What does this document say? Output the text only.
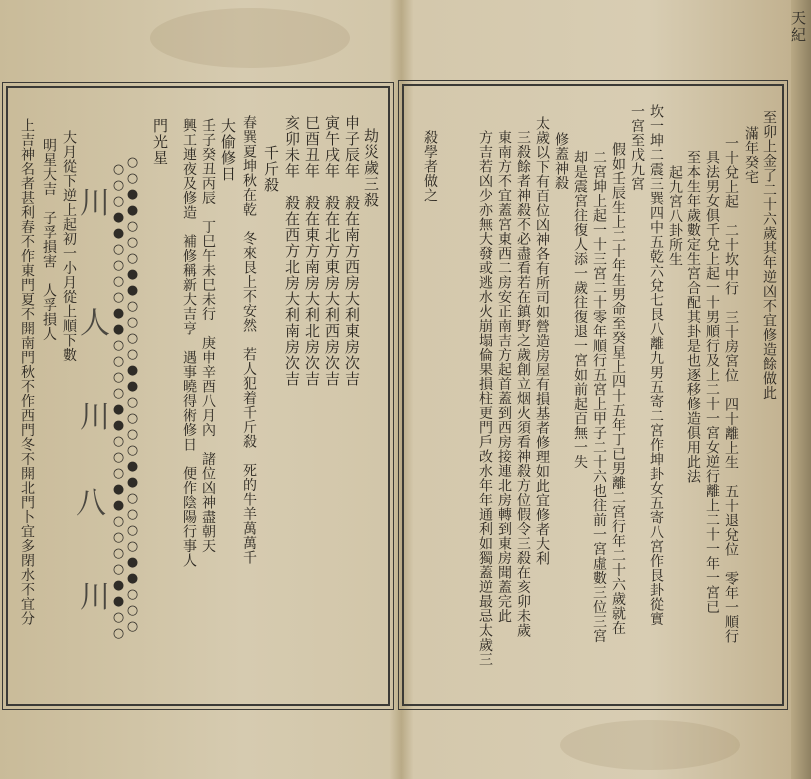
天紀
至卯上金了二十六歲其年逆凶不宜修造餘做此
滿年癸宅
一十兌上起　二十坎中行　三十房宮位　四十離上生　五十退兌位　零年一順行
具法男女俱千兌上起一十男順行及上二十一宮女逆行離上二十一年一宮已
至本生年歲數定生宮合配其卦是也逐移修造俱用此法
起九宮八卦所生
坎一坤二震三巽四中五乾六兌七艮八離九男五寄二宮作坤卦女五寄八宮作艮卦從實
一宮至戊九宮
假如壬辰生上二十年生男命至癸星上四十五年丁已男離二宮行年二十六歲就在
二宮坤上起一十三宮二十零年順行五宮上甲子二十六也往前一宮虛數三位三宮
却是震宮往復人添一歲往復退一宮如前起百無一失
修蓋神殺
太歲以下有百位凶神各有所司如營造房屋有損基者修理如此宜修者大利
三殺餘者神殺不必盡看若在鎮野之歲創立烟火須看神殺方位假令三殺在亥卯未歲
東南方不宜蓋宮東西二房安正南吉方起首蓋到西房接連北房轉到東房聞蓋完此
方吉若凶少亦無大發或逃水火崩塌倫果損柱更門戶改水年年通利如獨蓋逆最忌太歲三
殺學者做之
劫災歲三殺
申子辰年　殺在南方西房大利東房次吉
寅午戌年　殺在北方東房大利西房次吉
巳酉丑年　殺在東方南房大利北房次吉
亥卯未年　殺在西方北房大利南房次吉
千斤殺
春巽夏坤秋在乾　冬來艮上不安然　若人犯着千斤殺　死的牛羊萬萬千
大偷修日
壬子癸丑丙辰　丁巳午未巳未行　庚申辛酉八月內　諸位凶神盡朝天
興工連夜及修造　補修稱新大吉亨　遇事曉得術修日　便作陰陽行事人
門光星
○○●●○○○●●○○○○●●○○○○●●○○○○●●○○○
○○○●●○○○○●●○○○○●●○○○●●○○○○●●○○
川
人
川
八
川
大月從下逆上起初一小月從上順下數
明星大吉　子孚損害　人孚損人
上吉神名者甚利春不作東門夏不開南門秋不作西門冬不開北門卜宜多閉水不宜分
